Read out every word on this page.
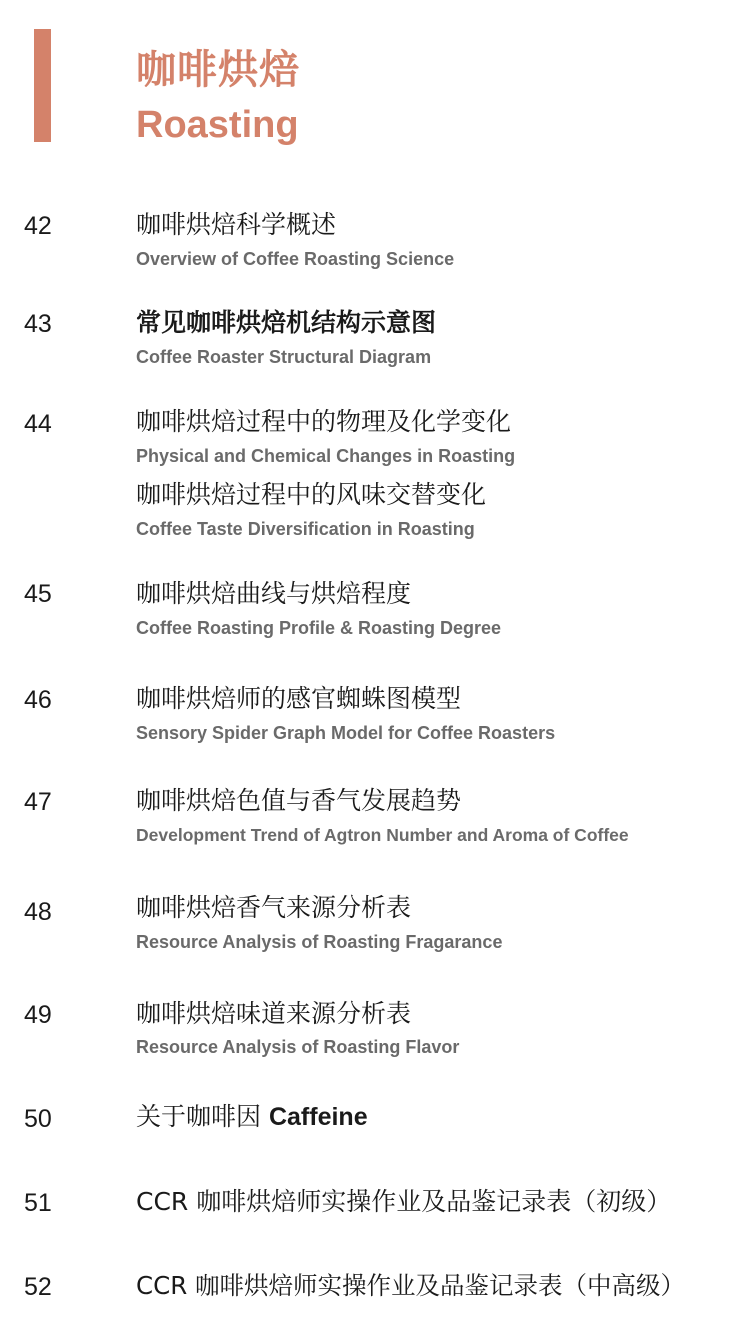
咖啡烘焙
Roasting
42	咖啡烘焙科学概述
Overview of Coffee Roasting Science
43	常见咖啡烘焙机结构示意图
Coffee Roaster Structural Diagram
44	咖啡烘焙过程中的物理及化学变化
Physical and Chemical Changes in Roasting
咖啡烘焙过程中的风味交替变化
Coffee Taste Diversification in Roasting
45	咖啡烘焙曲线与烘焙程度
Coffee Roasting Profile & Roasting Degree
46	咖啡烘焙师的感官蜘蛛图模型
Sensory Spider Graph Model for Coffee Roasters
47	咖啡烘焙色值与香气发展趋势
Development Trend of Agtron Number and Aroma of Coffee
48	咖啡烘焙香气来源分析表
Resource Analysis of Roasting Fragarance
49	咖啡烘焙味道来源分析表
Resource Analysis of Roasting Flavor
50	关于咖啡因 Caffeine
51	CCR 咖啡烘焙师实操作业及品鉴记录表（初级）
52	CCR 咖啡烘焙师实操作业及品鉴记录表（中高级）
